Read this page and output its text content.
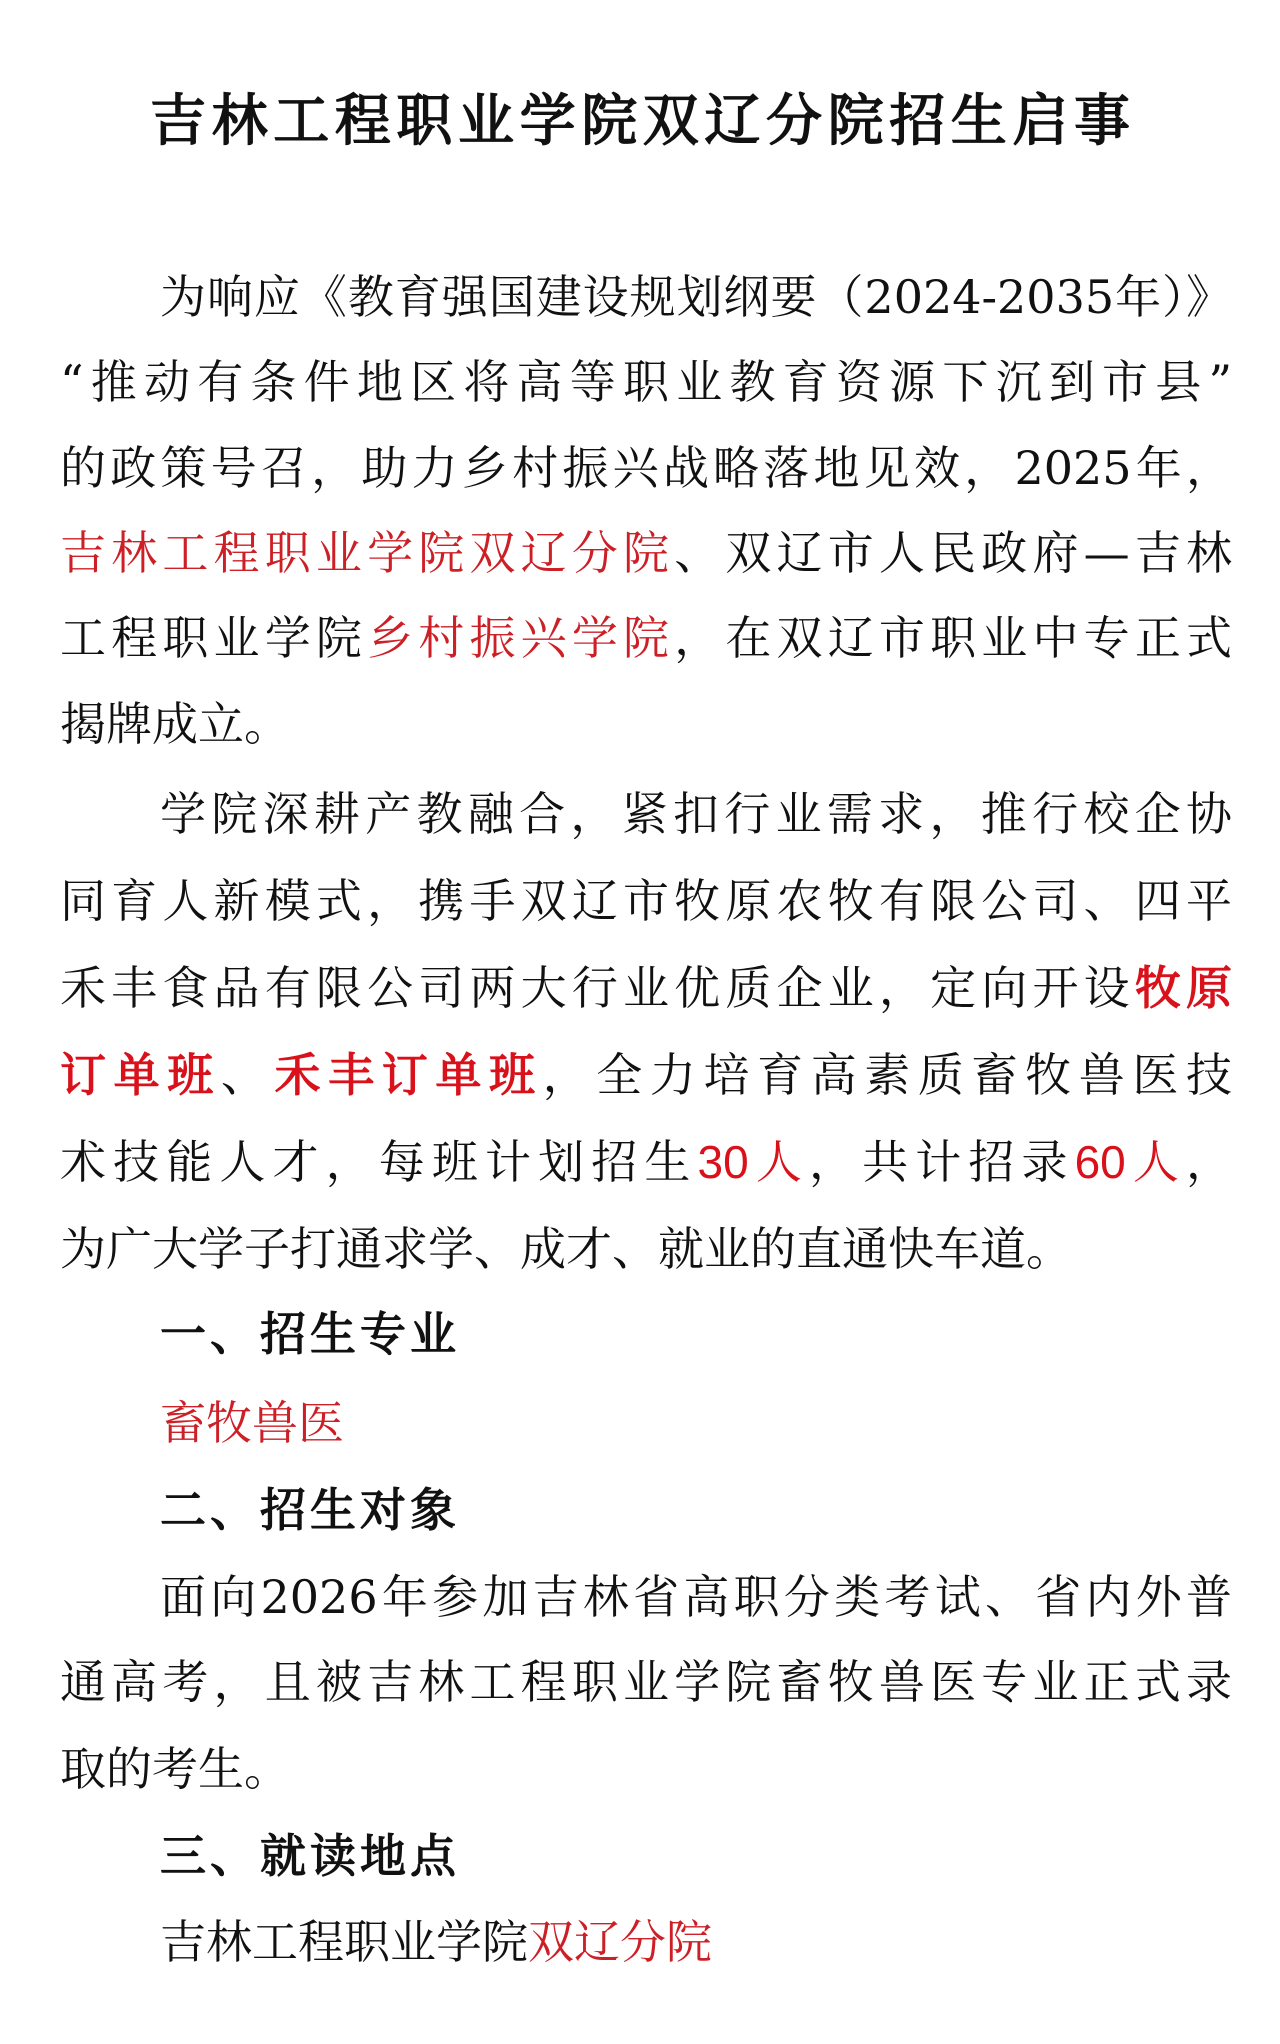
吉林工程职业学院双辽分院招生启事
为响应《教育强国建设规划纲要（2024-2035年）》
“推动有条件地区将高等职业教育资源下沉到市县”
的政策号召，助力乡村振兴战略落地见效，2025年，
吉林工程职业学院双辽分院、双辽市人民政府—吉林
工程职业学院乡村振兴学院，在双辽市职业中专正式
揭牌成立。
学院深耕产教融合，紧扣行业需求，推行校企协
同育人新模式，携手双辽市牧原农牧有限公司、四平
禾丰食品有限公司两大行业优质企业，定向开设牧原
订单班、禾丰订单班，全力培育高素质畜牧兽医技
术技能人才，每班计划招生30人，共计招录60人，
为广大学子打通求学、成才、就业的直通快车道。
一、招生专业
畜牧兽医
二、招生对象
面向2026年参加吉林省高职分类考试、省内外普
通高考，且被吉林工程职业学院畜牧兽医专业正式录
取的考生。
三、就读地点
吉林工程职业学院双辽分院
